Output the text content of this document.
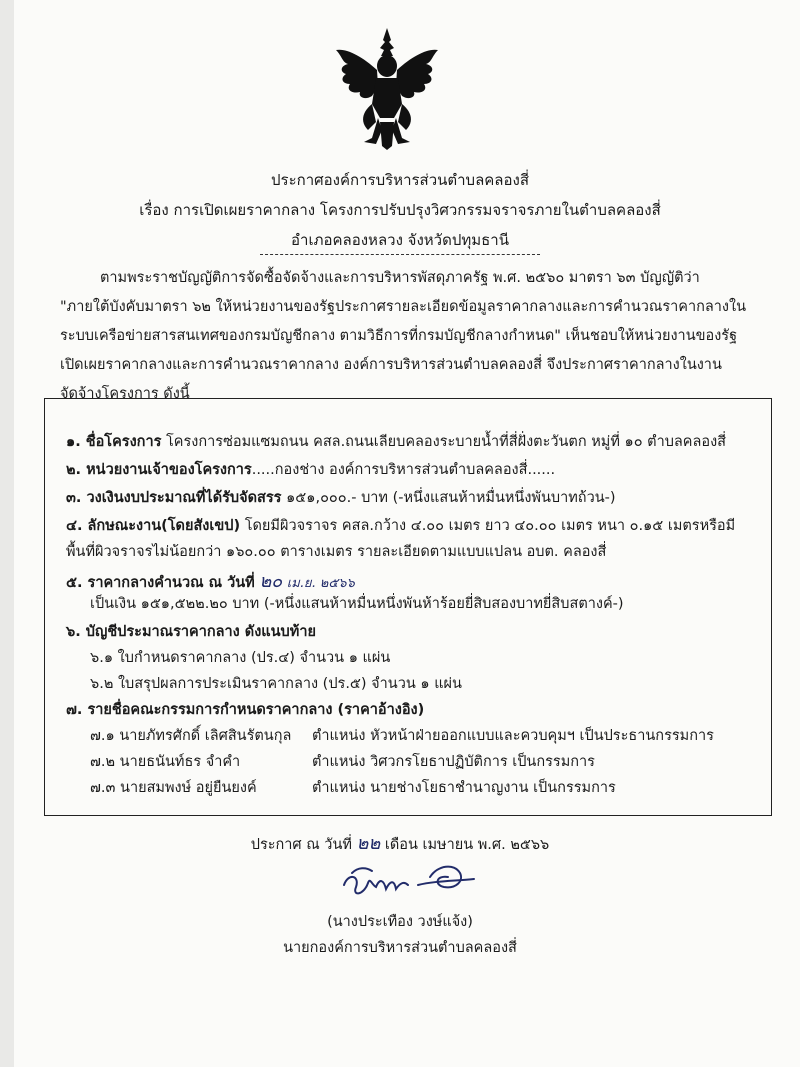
ประกาศองค์การบริหารส่วนตำบลคลองสี่
เรื่อง การเปิดเผยราคากลาง โครงการปรับปรุงวิศวกรรมจราจรภายในตำบลคลองสี่
อำเภอคลองหลวง จังหวัดปทุมธานี
ตามพระราชบัญญัติการจัดซื้อจัดจ้างและการบริหารพัสดุภาครัฐ พ.ศ. ๒๕๖๐ มาตรา ๖๓ บัญญัติว่า
"ภายใต้บังคับมาตรา ๖๒ ให้หน่วยงานของรัฐประกาศรายละเอียดข้อมูลราคากลางและการคำนวณราคากลางใน
ระบบเครือข่ายสารสนเทศของกรมบัญชีกลาง ตามวิธีการที่กรมบัญชีกลางกำหนด" เห็นชอบให้หน่วยงานของรัฐ
เปิดเผยราคากลางและการคำนวณราคากลาง องค์การบริหารส่วนตำบลคลองสี่ จึงประกาศราคากลางในงาน
จัดจ้างโครงการ ดังนี้
๑. ชื่อโครงการ โครงการซ่อมแซมถนน คสล.ถนนเลียบคลองระบายน้ำที่สี่ฝั่งตะวันตก หมู่ที่ ๑๐ ตำบลคลองสี่
๒. หน่วยงานเจ้าของโครงการ.....กองช่าง องค์การบริหารส่วนตำบลคลองสี่......
๓. วงเงินงบประมาณที่ได้รับจัดสรร ๑๕๑,๐๐๐.- บาท (-หนึ่งแสนห้าหมื่นหนึ่งพันบาทถ้วน-)
๔. ลักษณะงาน(โดยสังเขป) โดยมีผิวจราจร คสล.กว้าง ๔.๐๐ เมตร ยาว ๔๐.๐๐ เมตร หนา ๐.๑๕ เมตรหรือมี
พื้นที่ผิวจราจรไม่น้อยกว่า ๑๖๐.๐๐ ตารางเมตร รายละเอียดตามแบบแปลน อบต. คลองสี่
๕. ราคากลางคำนวณ ณ วันที่ ๒๐ เม.ย. ๒๕๖๖
เป็นเงิน ๑๕๑,๕๒๒.๒๐ บาท (-หนึ่งแสนห้าหมื่นหนึ่งพันห้าร้อยยี่สิบสองบาทยี่สิบสตางค์-)
๖. บัญชีประมาณราคากลาง ดังแนบท้าย
๖.๑ ใบกำหนดราคากลาง (ปร.๔) จำนวน ๑ แผ่น
๖.๒ ใบสรุปผลการประเมินราคากลาง (ปร.๕) จำนวน ๑ แผ่น
๗. รายชื่อคณะกรรมการกำหนดราคากลาง (ราคาอ้างอิง)
๗.๑ นายภัทรศักดิ์ เลิศสินรัตนกุล ตำแหน่ง หัวหน้าฝ่ายออกแบบและควบคุมฯ เป็นประธานกรรมการ
๗.๒ นายธนันท์ธร จำคำ	ตำแหน่ง วิศวกรโยธาปฏิบัติการ เป็นกรรมการ
๗.๓ นายสมพงษ์ อยู่ยืนยงค์	ตำแหน่ง นายช่างโยธาชำนาญงาน เป็นกรรมการ
ประกาศ ณ วันที่ ๒๒ เดือน เมษายน พ.ศ. ๒๕๖๖
(นางประเทือง วงษ์แจ้ง)
นายกองค์การบริหารส่วนตำบลคลองสี่
